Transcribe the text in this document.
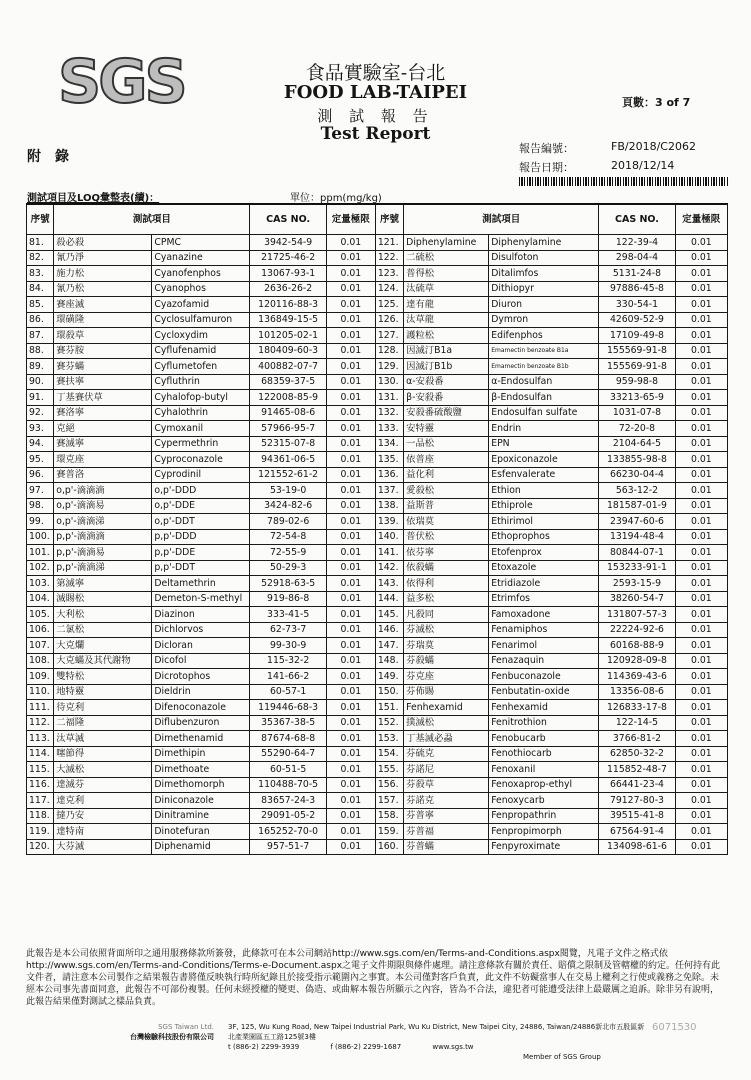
SGS	食品實驗室-台北
FOOD LAB-TAIPEI
測 試 報 告
Test Report
頁數：3 of 7
附錄
報告編號：	FB/2018/C2062
報告日期：	2018/12/14
測試項目及LOQ彙整表(續)：	單位：ppm(mg/kg)
序號	測試項目		CAS NO.	定量極限	序號	測試項目		CAS NO.	定量極限
81.	殺必殺	CPMC	3942-54-9	0.01	121.	Diphenylamine	Diphenylamine	122-39-4	0.01
82.	氰乃淨	Cyanazine	21725-46-2	0.01	122.	二硫松	Disulfoton	298-04-4	0.01
83.	施力松	Cyanofenphos	13067-93-1	0.01	123.	普得松	Ditalimfos	5131-24-8	0.01
84.	氰乃松	Cyanophos	2636-26-2	0.01	124.	汰硫草	Dithiopyr	97886-45-8	0.01
85.	賽座滅	Cyazofamid	120116-88-3	0.01	125.	達有龍	Diuron	330-54-1	0.01
86.	環磺隆	Cyclosulfamuron	136849-15-5	0.01	126.	汰草龍	Dymron	42609-52-9	0.01
87.	環殺草	Cycloxydim	101205-02-1	0.01	127.	護粒松	Edifenphos	17109-49-8	0.01
88.	賽芬胺	Cyflufenamid	180409-60-3	0.01	128.	因滅汀B1a	Emamectin benzoate B1a	155569-91-8	0.01
89.	賽芬蟎	Cyflumetofen	400882-07-7	0.01	129.	因滅汀B1b	Emamectin benzoate B1b	155569-91-8	0.01
90.	賽扶寧	Cyfluthrin	68359-37-5	0.01	130.	α-安殺番	α-Endosulfan	959-98-8	0.01
91.	丁基賽伏草	Cyhalofop-butyl	122008-85-9	0.01	131.	β-安殺番	β-Endosulfan	33213-65-9	0.01
92.	賽洛寧	Cyhalothrin	91465-08-6	0.01	132.	安殺番硫酸鹽	Endosulfan sulfate	1031-07-8	0.01
93.	克絕	Cymoxanil	57966-95-7	0.01	133.	安特靈	Endrin	72-20-8	0.01
94.	賽滅寧	Cypermethrin	52315-07-8	0.01	134.	一品松	EPN	2104-64-5	0.01
95.	環克座	Cyproconazole	94361-06-5	0.01	135.	依普座	Epoxiconazole	133855-98-8	0.01
96.	賽普洛	Cyprodinil	121552-61-2	0.01	136.	益化利	Esfenvalerate	66230-04-4	0.01
97.	o,p'-滴滴滴	o,p'-DDD	53-19-0	0.01	137.	愛殺松	Ethion	563-12-2	0.01
98.	o,p'-滴滴易	o,p'-DDE	3424-82-6	0.01	138.	益斯普	Ethiprole	181587-01-9	0.01
99.	o,p'-滴滴涕	o,p'-DDT	789-02-6	0.01	139.	依瑞莫	Ethirimol	23947-60-6	0.01
100.	p,p'-滴滴滴	p,p'-DDD	72-54-8	0.01	140.	普伏松	Ethoprophos	13194-48-4	0.01
101.	p,p'-滴滴易	p,p'-DDE	72-55-9	0.01	141.	依芬寧	Etofenprox	80844-07-1	0.01
102.	p,p'-滴滴涕	p,p'-DDT	50-29-3	0.01	142.	依殺蟎	Etoxazole	153233-91-1	0.01
103.	第滅寧	Deltamethrin	52918-63-5	0.01	143.	依得利	Etridiazole	2593-15-9	0.01
104.	滅賜松	Demeton-S-methyl	919-86-8	0.01	144.	益多松	Etrimfos	38260-54-7	0.01
105.	大利松	Diazinon	333-41-5	0.01	145.	凡殺同	Famoxadone	131807-57-3	0.01
106.	二氯松	Dichlorvos	62-73-7	0.01	146.	芬滅松	Fenamiphos	22224-92-6	0.01
107.	大克爛	Dicloran	99-30-9	0.01	147.	芬瑞莫	Fenarimol	60168-88-9	0.01
108.	大克蟎及其代謝物	Dicofol	115-32-2	0.01	148.	芬殺蟎	Fenazaquin	120928-09-8	0.01
109.	雙特松	Dicrotophos	141-66-2	0.01	149.	芬克座	Fenbuconazole	114369-43-6	0.01
110.	地特靈	Dieldrin	60-57-1	0.01	150.	芬佈賜	Fenbutatin-oxide	13356-08-6	0.01
111.	待克利	Difenoconazole	119446-68-3	0.01	151.	Fenhexamid	Fenhexamid	126833-17-8	0.01
112.	二福隆	Diflubenzuron	35367-38-5	0.01	152.	撲滅松	Fenitrothion	122-14-5	0.01
113.	汰草滅	Dimethenamid	87674-68-8	0.01	153.	丁基滅必蝨	Fenobucarb	3766-81-2	0.01
114.	噻節得	Dimethipin	55290-64-7	0.01	154.	芬硫克	Fenothiocarb	62850-32-2	0.01
115.	大滅松	Dimethoate	60-51-5	0.01	155.	芬諾尼	Fenoxanil	115852-48-7	0.01
116.	達滅芬	Dimethomorph	110488-70-5	0.01	156.	芬殺草	Fenoxaprop-ethyl	66441-23-4	0.01
117.	達克利	Diniconazole	83657-24-3	0.01	157.	芬諾克	Fenoxycarb	79127-80-3	0.01
118.	撻乃安	Dinitramine	29091-05-2	0.01	158.	芬普寧	Fenpropathrin	39515-41-8	0.01
119.	達特南	Dinotefuran	165252-70-0	0.01	159.	芬普福	Fenpropimorph	67564-91-4	0.01
120.	大芬滅	Diphenamid	957-51-7	0.01	160.	芬普蟎	Fenpyroximate	134098-61-6	0.01
此報告是本公司依照背面所印之通用服務條款所簽發，此條款可在本公司網站http://www.sgs.com/en/Terms-and-Conditions.aspx閱覽，凡電子文件之格式依http://www.sgs.com/en/Terms-and-Conditions/Terms-e-Document.aspx之電子文件期限與條件處理。請注意條款有關於責任、賠償之限制及管轄權的約定。任何持有此文件者，請注意本公司製作之結果報告書將僅反映執行時所紀錄且於接受指示範圍內之事實。本公司僅對客戶負責，此文件不妨礙當事人在交易上權利之行使或義務之免除。未經本公司事先書面同意，此報告不可部份複製。任何未經授權的變更、偽造、或曲解本報告所顯示之內容，皆為不合法，違犯者可能遭受法律上最嚴厲之追訴。除非另有說明，此報告結果僅對測試之樣品負責。
SGS Taiwan Ltd.
台灣檢驗科技股份有限公司
3F, 125, Wu Kung Road, New Taipei Industrial Park, Wu Ku District, New Taipei City, 24886, Taiwan/24886新北市五股區新北產業園區五工路125號3樓
t (886-2) 2299-3939	f (886-2) 2299-1687	www.sgs.tw
Member of SGS Group
6071530
